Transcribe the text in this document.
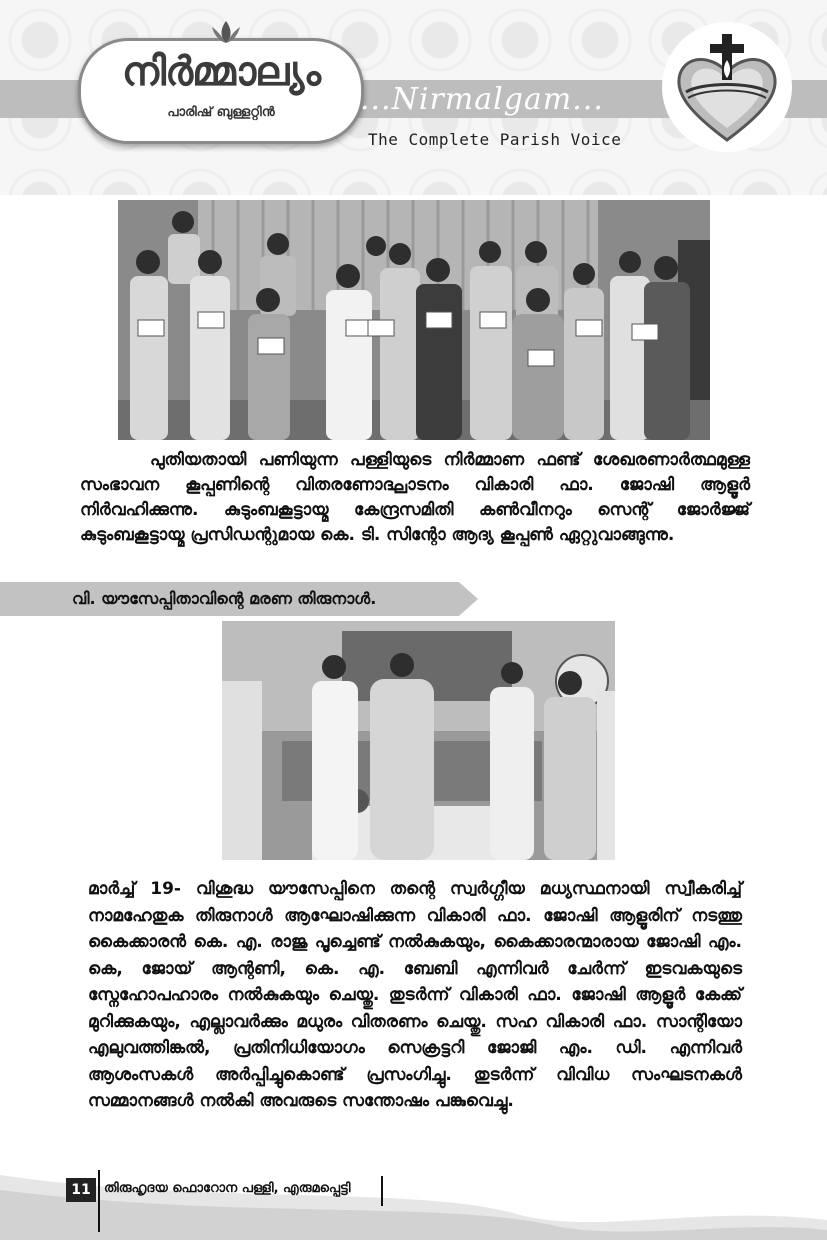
നിർമ്മാല്യം
പാരിഷ് ബുള്ളറ്റിൻ	...Nirmalgam...
The Complete Parish Voice
പുതിയതായി പണിയുന്ന പള്ളിയുടെ നിർമ്മാണ ഫണ്ട് ശേഖരണാർത്ഥമുള്ള സംഭാവന കൂപ്പണിന്റെ വിതരണോദ്ഘാടനം വികാരി ഫാ. ജോഷി ആളൂർ നിർവഹിക്കുന്നു. കുടുംബകൂട്ടായ്മ കേന്ദ്രസമിതി കൺവീനറും സെന്റ് ജോർജ്ജ് കുടുംബകൂട്ടായ്മ പ്രസിഡന്റുമായ കെ. ടി. സിന്റോ ആദ്യ കൂപ്പൺ ഏറ്റുവാങ്ങുന്നു.
വി. യൗസേപ്പിതാവിന്റെ മരണ തിരുനാൾ.
മാർച്ച് 19- വിശുദ്ധ യൗസേപ്പിനെ തന്റെ സ്വർഗ്ഗീയ മധ്യസ്ഥനായി സ്വീകരിച്ച് നാമഹേതുക തിരുനാൾ ആഘോഷിക്കുന്ന വികാരി ഫാ. ജോഷി ആളൂരിന് നടത്തു കൈക്കാരൻ കെ. എ. രാജു പൂച്ചെണ്ട് നൽകുകയും, കൈക്കാരന്മാരായ ജോഷി എം. കെ, ജോയ് ആന്റണി, കെ. എ. ബേബി എന്നിവർ ചേർന്ന് ഇടവകയുടെ സ്നേഹോപഹാരം നൽകുകയും ചെയ്തു. തുടർന്ന് വികാരി ഫാ. ജോഷി ആളൂർ കേക്ക് മുറിക്കുകയും, എല്ലാവർക്കും മധുരം വിതരണം ചെയ്തു. സഹ വികാരി ഫാ. സാന്റിയോ എലുവത്തിങ്കൽ, പ്രതിനിധിയോഗം സെക്രട്ടറി ജോജി എം. ഡി. എന്നിവർ ആശംസകൾ അർപ്പിച്ചുകൊണ്ട് പ്രസംഗിച്ചു. തുടർന്ന് വിവിധ സംഘടനകൾ സമ്മാനങ്ങൾ നൽകി അവരുടെ സന്തോഷം പങ്കുവെച്ചു.
11	തിരുഹൃദയ ഫൊറോന പള്ളി, എരുമപ്പെട്ടി
